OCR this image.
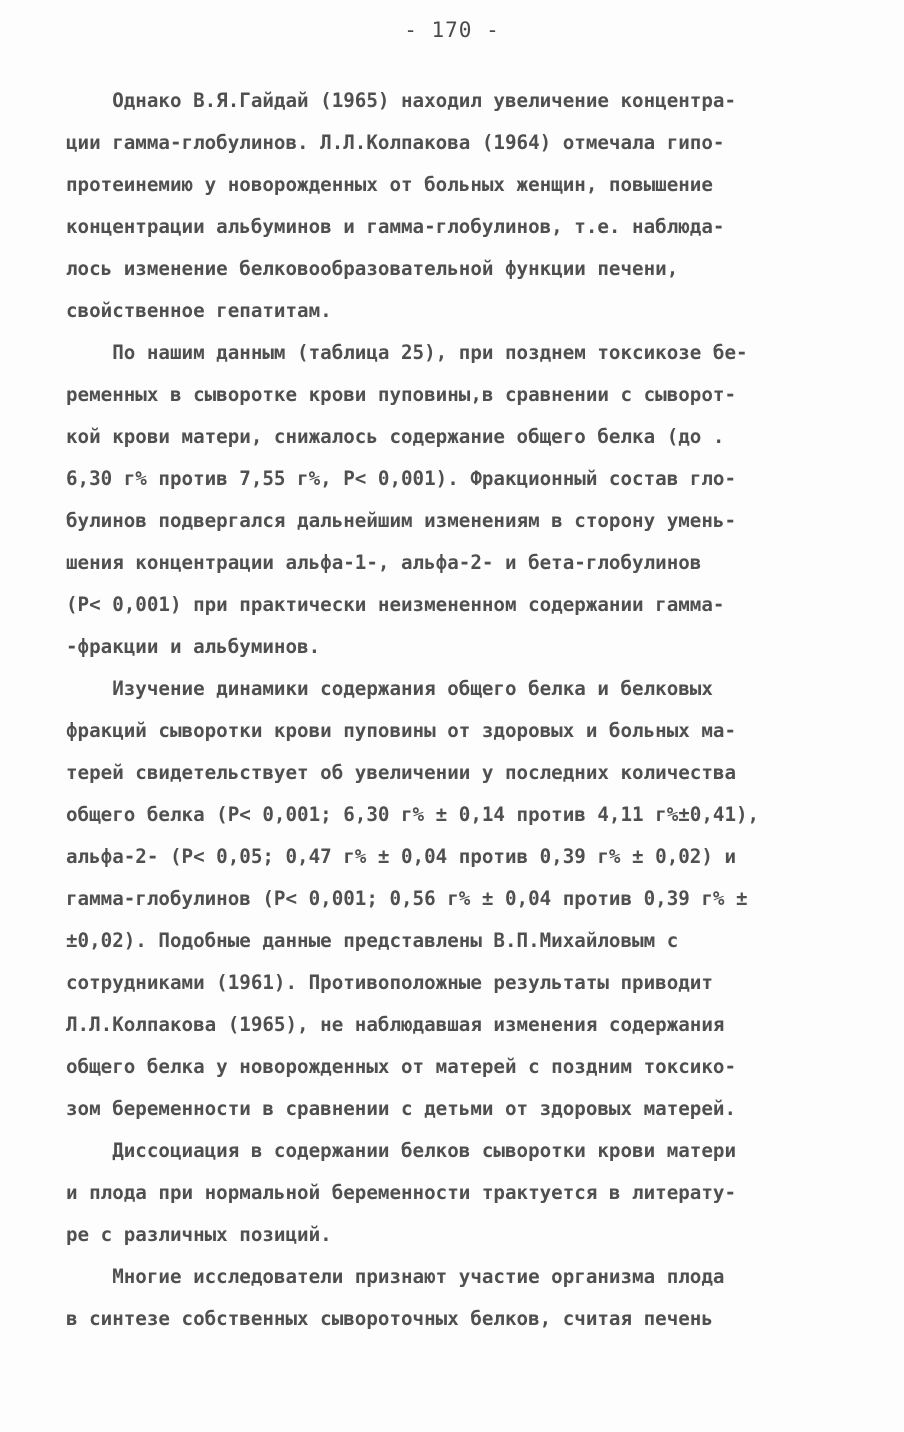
- 170 -
Однако В.Я.Гайдай (1965) находил увеличение концентра-
ции гамма-глобулинов. Л.Л.Колпакова (1964) отмечала гипо-
протеинемию у новорожденных от больных женщин, повышение
концентрации альбуминов и гамма-глобулинов, т.е. наблюда-
лось изменение белковообразовательной функции печени,
свойственное гепатитам.
По нашим данным (таблица 25), при позднем токсикозе бе-
ременных в сыворотке крови пуповины,в сравнении с сыворот-
кой крови матери, снижалось содержание общего белка (до .
6,30 г% против 7,55 г%, Р< 0,001). Фракционный состав гло-
булинов подвергался дальнейшим изменениям в сторону умень-
шения концентрации альфа-1-, альфа-2- и бета-глобулинов
(Р< 0,001) при практически неизмененном содержании гамма-
-фракции и альбуминов.
Изучение динамики содержания общего белка и белковых
фракций сыворотки крови пуповины от здоровых и больных ма-
терей свидетельствует об увеличении у последних количества
общего белка (Р< 0,001; 6,30 г% ± 0,14 против 4,11 г%±0,41),
альфа-2- (Р< 0,05; 0,47 г% ± 0,04 против 0,39 г% ± 0,02) и
гамма-глобулинов (Р< 0,001; 0,56 г% ± 0,04 против 0,39 г% ±
±0,02). Подобные данные представлены В.П.Михайловым с
сотрудниками (1961). Противоположные результаты приводит
Л.Л.Колпакова (1965), не наблюдавшая изменения содержания
общего белка у новорожденных от матерей с поздним токсико-
зом беременности в сравнении с детьми от здоровых матерей.
Диссоциация в содержании белков сыворотки крови матери
и плода при нормальной беременности трактуется в литерату-
ре с различных позиций.
Многие исследователи признают участие организма плода
в синтезе собственных сывороточных белков, считая печень
